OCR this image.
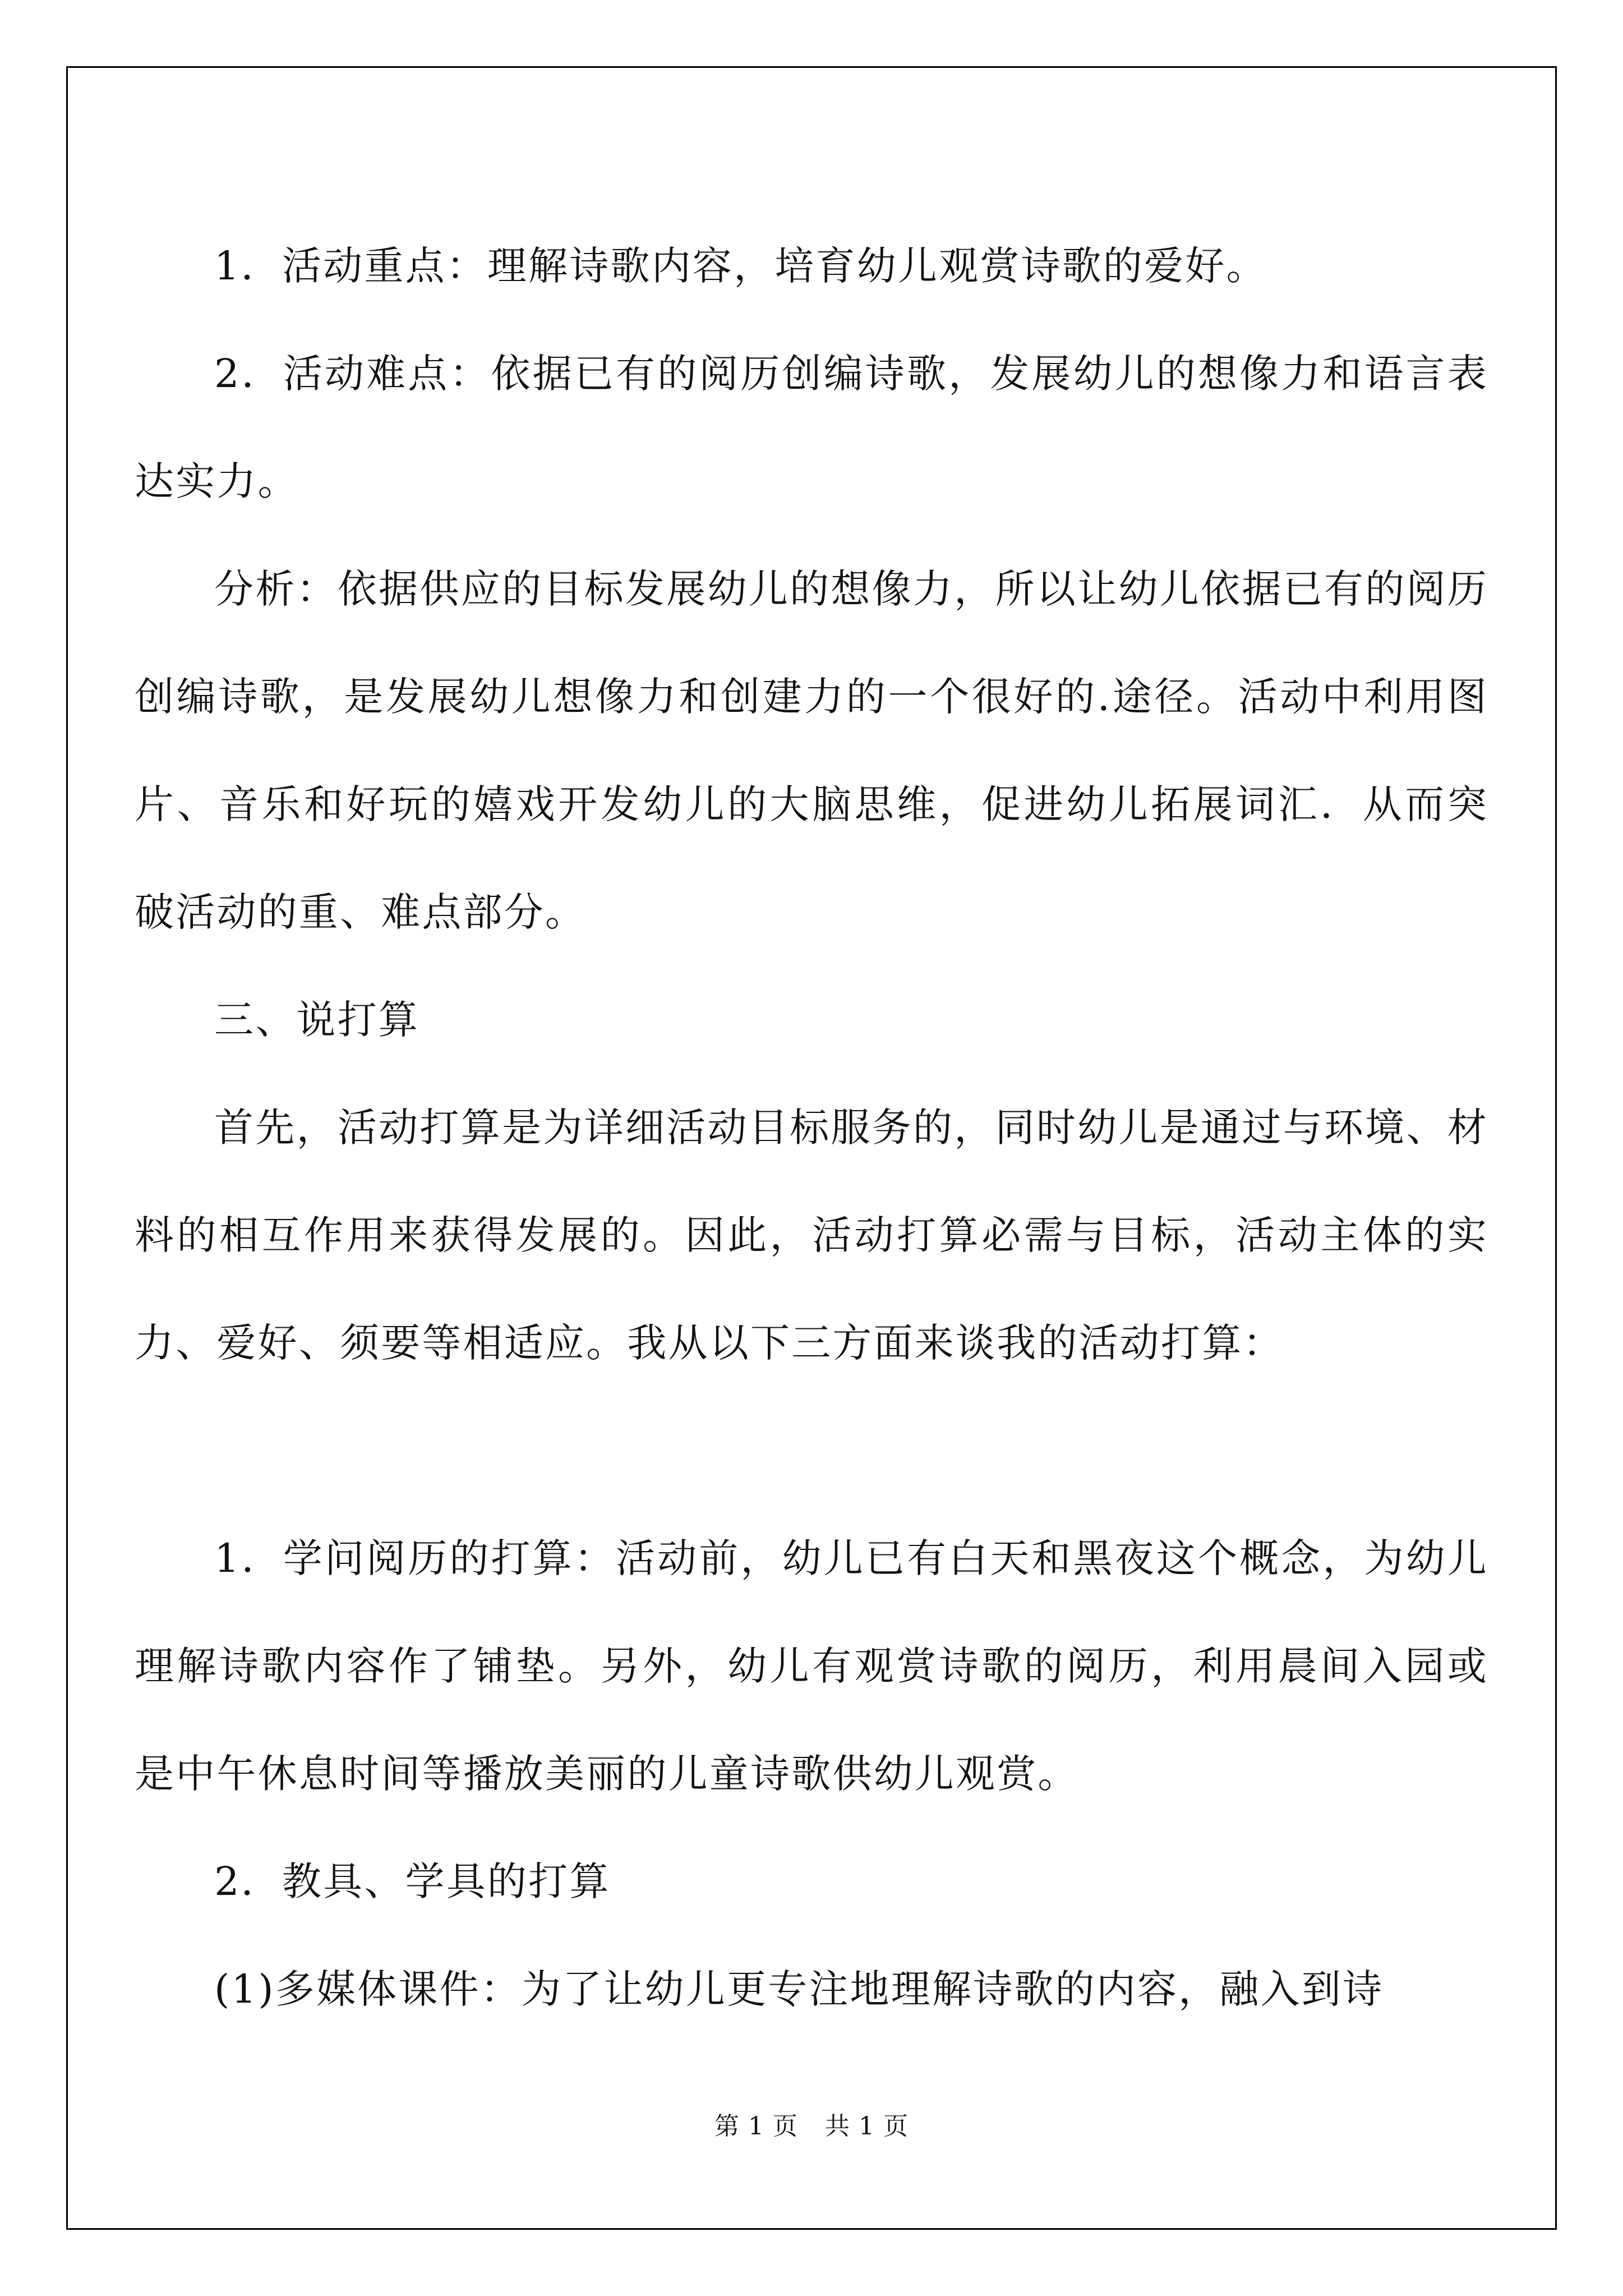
1．活动重点：理解诗歌内容，培育幼儿观赏诗歌的爱好。

2．活动难点：依据已有的阅历创编诗歌，发展幼儿的想像力和语言表达实力。

分析：依据供应的目标发展幼儿的想像力，所以让幼儿依据已有的阅历创编诗歌，是发展幼儿想像力和创建力的一个很好的.途径。活动中利用图片、音乐和好玩的嬉戏开发幼儿的大脑思维，促进幼儿拓展词汇．从而突破活动的重、难点部分。

三、说打算

首先，活动打算是为详细活动目标服务的，同时幼儿是通过与环境、材料的相互作用来获得发展的。因此，活动打算必需与目标，活动主体的实力、爱好、须要等相适应。我从以下三方面来谈我的活动打算：

1．学问阅历的打算：活动前，幼儿已有白天和黑夜这个概念，为幼儿理解诗歌内容作了铺垫。另外，幼儿有观赏诗歌的阅历，利用晨间入园或是中午休息时间等播放美丽的儿童诗歌供幼儿观赏。

2．教具、学具的打算

(1)多媒体课件：为了让幼儿更专注地理解诗歌的内容，融入到诗

第 1 页 共 1 页
